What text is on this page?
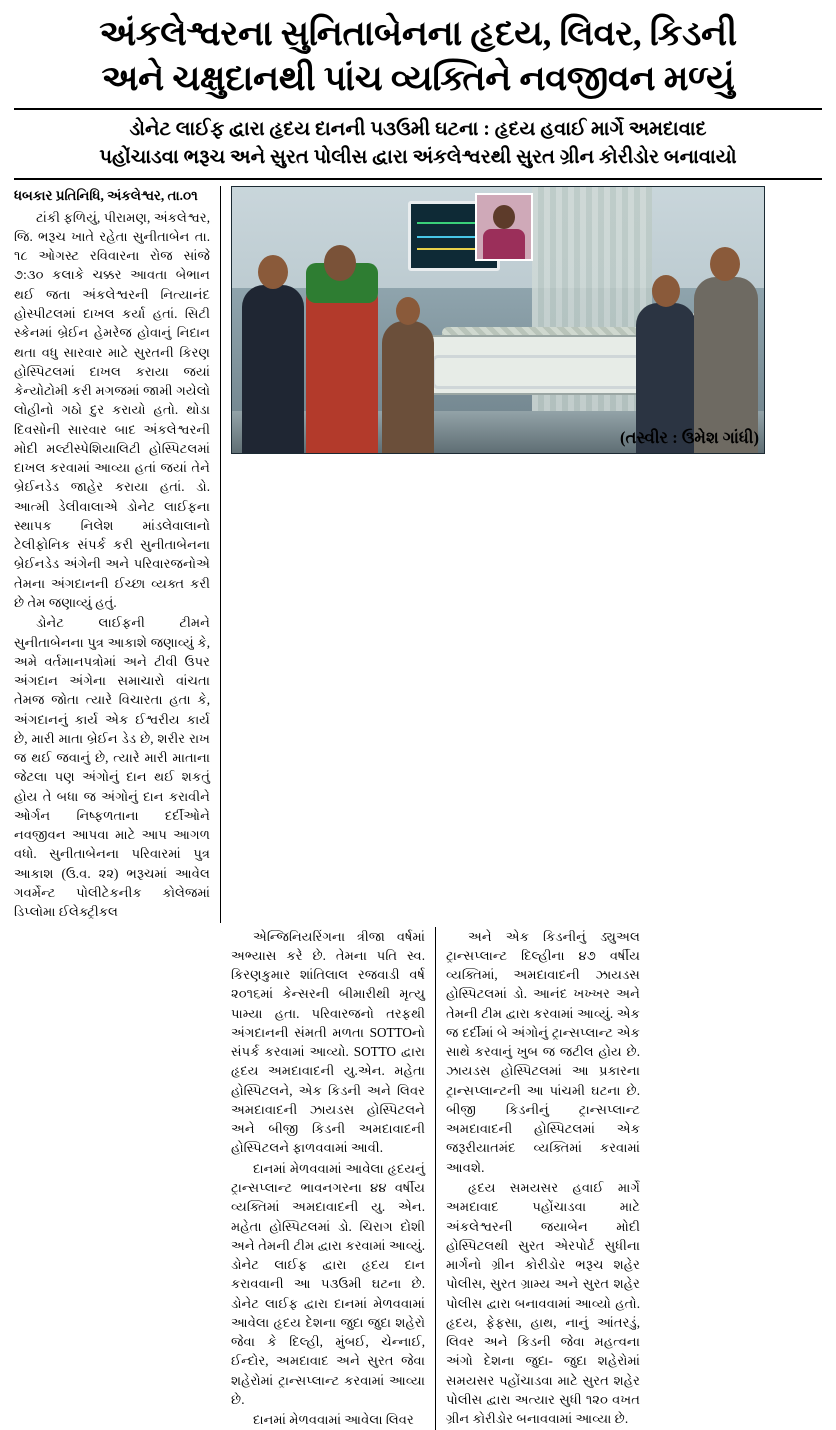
અંકલેશ્વરના સુનિતાબેનના હૃદય, લિવર, કિડની
અને ચક્ષુદાનથી પાંચ વ્યક્તિને નવજીવન મળ્યું
ડોનેટ લાઈફ દ્વારા હૃદય દાનની ૫૩ઉમી ઘટના : હૃદય હવાઈ માર્ગે અમદાવાદ
પહોંચાડવા ભરૂચ અને સુરત પોલીસ દ્વારા અંકલેશ્વરથી સુરત ગ્રીન કોરીડોર બનાવાયો
ધબકાર પ્રતિનિધિ, અંકલેશ્વર, તા.૦૧

ટાંકી ફળિયું, પીરામણ, અંકલેશ્વર, જિ. ભરૂચ ખાતે રહેતા સુનીતાબેન તા. ૧૮ ઓગસ્ટ રવિવારના રોજ સાંજે ૭:૩૦ કલાકે ચક્કર આવતા બેભાન થઈ જતા અંકલેશ્વરની નિત્યાનંદ હોસ્પીટલમાં દાખલ કર્યા હતાં. સિટી સ્કેનમાં બ્રેઈન હેમરેજ હોવાનું નિદાન થતા વધુ સારવાર માટે સુરતની કિરણ હોસ્પિટલમાં દાખલ કરાયા જયાં કેન્યોટોમી કરી મગજમાં જામી ગયેલો લોહીનો ગઠો દુર કરાયો હતો. થોડા દિવસોની સારવાર બાદ અંકલેશ્વરની મોદી મલ્ટીસ્પેશિયાલિટી હોસ્પિટલમાં દાખલ કરવામાં આવ્યા હતાં જયાં તેને બ્રેઈનડેડ જાહેર કરાયા હતાં. ડો. આત્મી ડેલીવાલાએ ડોનેટ લાઈફના સ્થાપક નિલેશ માંડલેવાલાનો ટેલીફોનિક સંપર્ક કરી સુનીતાબેનના બ્રેઈનડેડ અંગેની અને પરિવારજનોએ તેમના અંગદાનની ઈચ્છા વ્યક્ત કરી છે તેમ જણાવ્યું હતું.

ડોનેટ લાઈફની ટીમને સુનીતાબેનના પુત્ર આકાશે જણાવ્યું કે, અમે વર્તમાનપત્રોમાં અને ટીવી ઉપર અંગદાન અંગેના સમાચારો વાંચતા તેમજ જોતા ત્યારે વિચારતા હતા કે, અંગદાનનું કાર્ય એક ઈશ્વરીય કાર્ય છે, મારી માતા બ્રેઈન ડેડ છે, શરીર રાખ જ થઈ જવાનું છે, ત્યારે મારી માતાના જેટલા પણ અંગોનું દાન થઈ શકતું હોય તે બધા જ અંગોનું દાન કરાવીને ઓર્ગન નિષ્ફળતાના દર્દીઓને નવજીવન આપવા માટે આપ આગળ વધો. સુનીતાબેનના પરિવારમાં પુત્ર આકાશ (ઉ.વ. ૨૨) ભરૂચમાં આવેલ ગવર્મેન્ટ પોલીટેકનીક કોલેજમાં ડિપ્લોમા ઈલેક્ટ્રીકલ

(તસ્વીર : ઉમેશ ગાંધી)

એન્જિનિયરિંગના ત્રીજા વર્ષમાં અભ્યાસ કરે છે. તેમના પતિ સ્વ. કિરણકુમાર શાંતિલાલ રજવાડી વર્ષ ૨૦૧૬માં કેન્સરની બીમારીથી મૃત્યુ પામ્યા હતા. પરિવારજનો તરફથી અંગદાનની સંમતી મળતા SOTTOનો સંપર્ક કરવામાં આવ્યો. SOTTO દ્વારા હૃદય અમદાવાદની યુ.એન. મહેતા હોસ્પિટલને, એક કિડની અને લિવર અમદાવાદની ઝાયડસ હોસ્પિટલને અને બીજી કિડની અમદાવાદની હોસ્પિટલને ફાળવવામાં આવી.

દાનમાં મેળવવામાં આવેલા હૃદયનું ટ્રાન્સપ્લાન્ટ ભાવનગરના ૪૪ વર્ષીય વ્યક્તિમાં અમદાવાદની યુ. એન. મહેતા હોસ્પિટલમાં ડો. ચિરાગ દોશી અને તેમની ટીમ દ્વારા કરવામાં આવ્યું. ડોનેટ લાઈફ દ્વારા હૃદય દાન કરાવવાની આ ૫૩ઉમી ઘટના છે. ડોનેટ લાઈફ દ્વારા દાનમાં મેળવવામાં આવેલા હૃદય દેશના જુદા જુદા શહેરો જેવા કે દિલ્હી, મુંબઈ, ચેન્નાઈ, ઈન્દોર, અમદાવાદ અને સુરત જેવા શહેરોમાં ટ્રાન્સપ્લાન્ટ કરવામાં આવ્યા છે.

દાનમાં મેળવવામાં આવેલા લિવર

અને એક કિડનીનું ડ્યુઅલ ટ્રાન્સપ્લાન્ટ દિલ્હીના ૪૭ વર્ષીય વ્યક્તિમાં, અમદાવાદની ઝાયડસ હોસ્પિટલમાં ડો. આનંદ ખખ્ખર અને તેમની ટીમ દ્વારા કરવામાં આવ્યું. એક જ દર્દીમાં બે અંગોનું ટ્રાન્સપ્લાન્ટ એક સાથે કરવાનું ખુબ જ જટીલ હોય છે. ઝાયડસ હોસ્પિટલમાં આ પ્રકારના ટ્રાન્સપ્લાન્ટની આ પાંચમી ઘટના છે. બીજી કિડનીનું ટ્રાન્સપ્લાન્ટ અમદાવાદની હોસ્પિટલમાં એક જરૂરીયાતમંદ વ્યક્તિમાં કરવામાં આવશે.

હૃદય સમયસર હવાઈ માર્ગે અમદાવાદ પહોંચાડવા માટે અંકલેશ્વરની જયાબેન મોદી હોસ્પિટલથી સુરત એરપોર્ટ સુધીના માર્ગનો ગ્રીન કોરીડોર ભરૂચ શહેર પોલીસ, સુરત ગ્રામ્ય અને સુરત શહેર પોલીસ દ્વારા બનાવવામાં આવ્યો હતો. હૃદય, ફેફસા, હાથ, નાનું આંતરડું, લિવર અને કિડની જેવા મહત્વના અંગો દેશના જુદા- જુદા શહેરોમાં સમયસર પહોંચાડવા માટે સુરત શહેર પોલીસ દ્વારા અત્યાર સુધી ૧૨૦ વખત ગ્રીન કોરીડોર બનાવવામાં આવ્યા છે.
